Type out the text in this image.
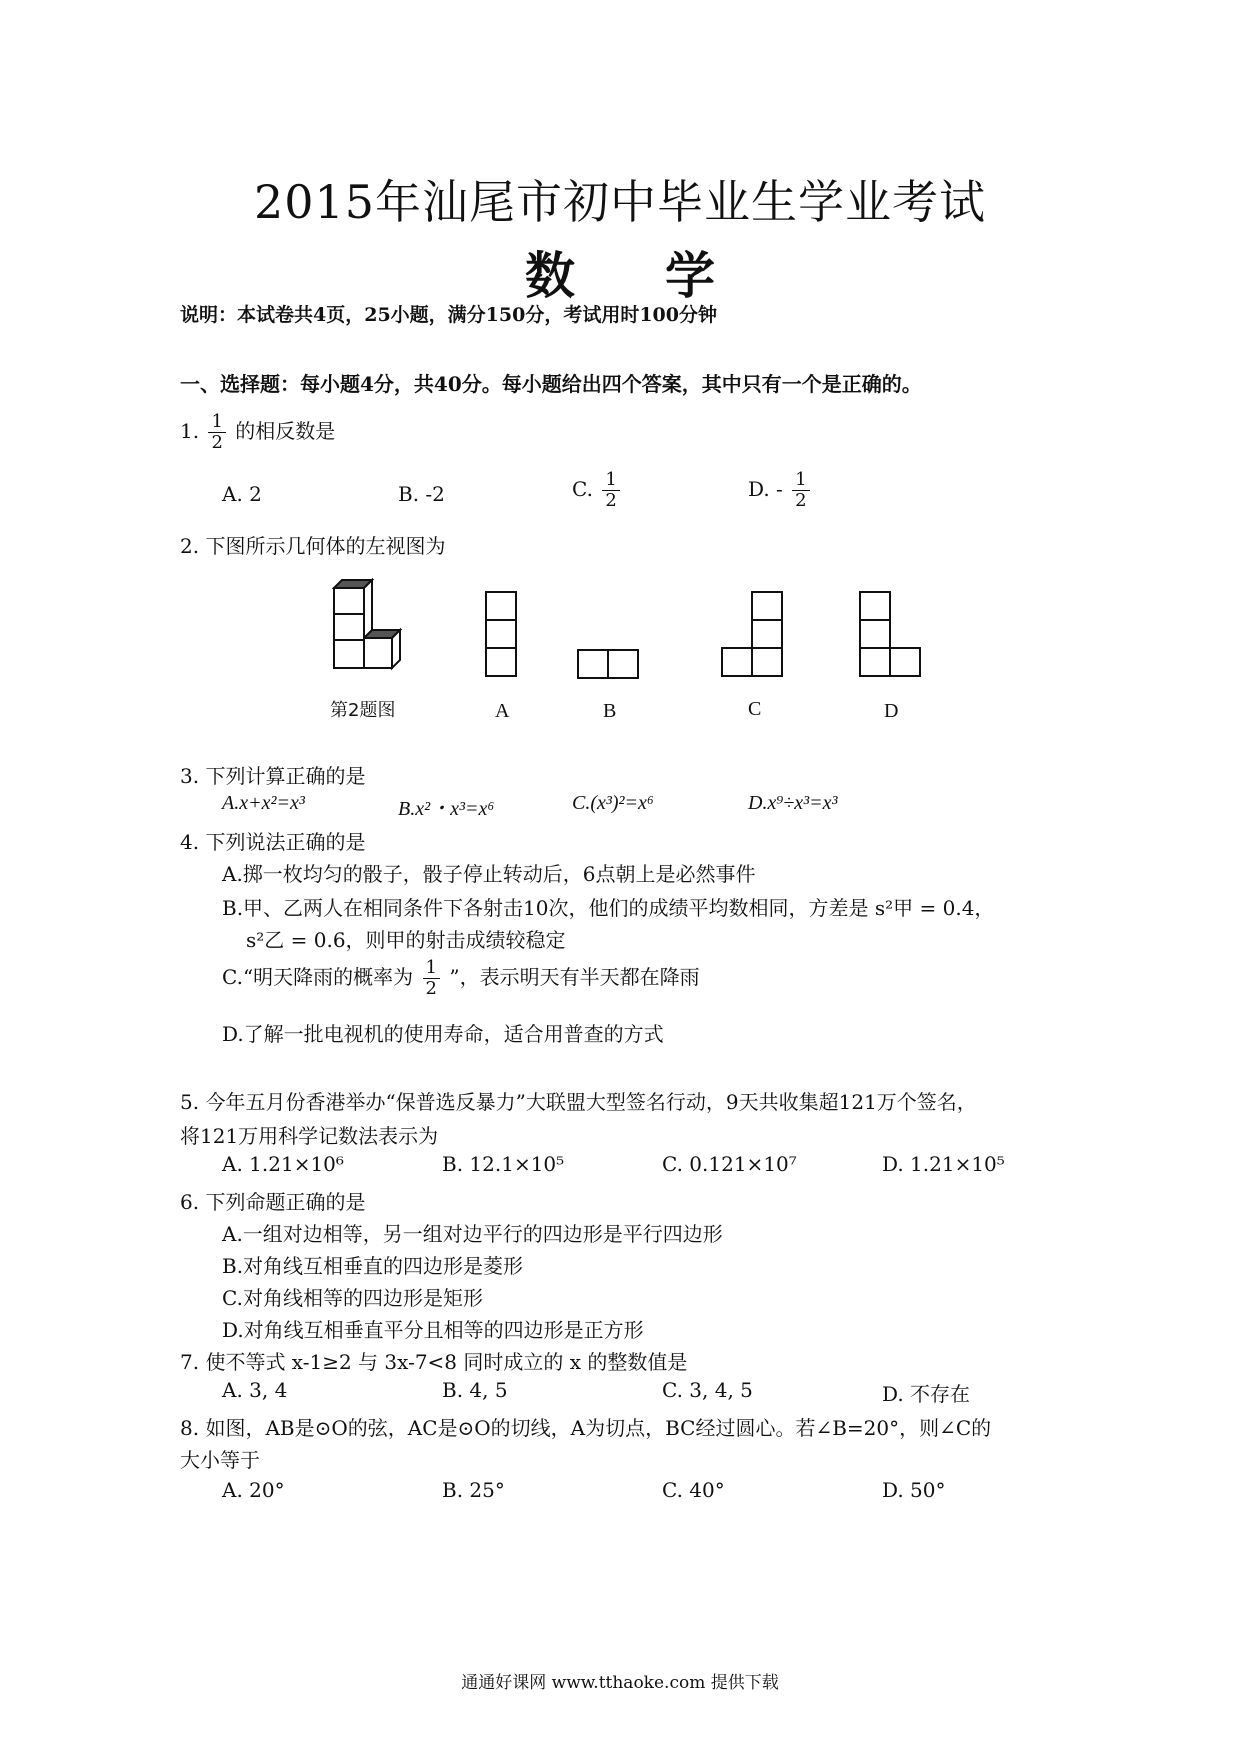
2015年汕尾市初中毕业生学业考试
数学
说明：本试卷共4页，25小题，满分150分，考试用时100分钟
一、选择题：每小题4分，共40分。每小题给出四个答案，其中只有一个是正确的。
1. $\frac{1}{2}$ 的相反数是
A. 2	B. -2	C. $\frac{1}{2}$	D. - $\frac{1}{2}$
2. 下图所示几何体的左视图为
第2题图	A	B	C	D
3. 下列计算正确的是
A.x+x²=x³	B.x²・x³=x⁶	C.(x³)²=x⁶	D.x⁹÷x³=x³
4. 下列说法正确的是
A.掷一枚均匀的骰子，骰子停止转动后，6点朝上是必然事件
B.甲、乙两人在相同条件下各射击10次，他们的成绩平均数相同，方差是 s²甲 = 0.4，
s²乙 = 0.6，则甲的射击成绩较稳定
C.“明天降雨的概率为 $\frac{1}{2}$ ”，表示明天有半天都在降雨
D.了解一批电视机的使用寿命，适合用普查的方式
5. 今年五月份香港举办“保普选反暴力”大联盟大型签名行动，9天共收集超121万个签名，
将121万用科学记数法表示为
A. 1.21×10⁶	B. 12.1×10⁵	C. 0.121×10⁷	D. 1.21×10⁵
6. 下列命题正确的是
A.一组对边相等，另一组对边平行的四边形是平行四边形
B.对角线互相垂直的四边形是菱形
C.对角线相等的四边形是矩形
D.对角线互相垂直平分且相等的四边形是正方形
7. 使不等式 x-1≥2 与 3x-7<8 同时成立的 x 的整数值是
A. 3, 4	B. 4, 5	C. 3, 4, 5	D. 不存在
8. 如图，AB是⊙O的弦，AC是⊙O的切线，A为切点，BC经过圆心。若∠B=20°，则∠C的
大小等于
A. 20°	B. 25°	C. 40°	D. 50°
通通好课网 www.tthaoke.com 提供下载
